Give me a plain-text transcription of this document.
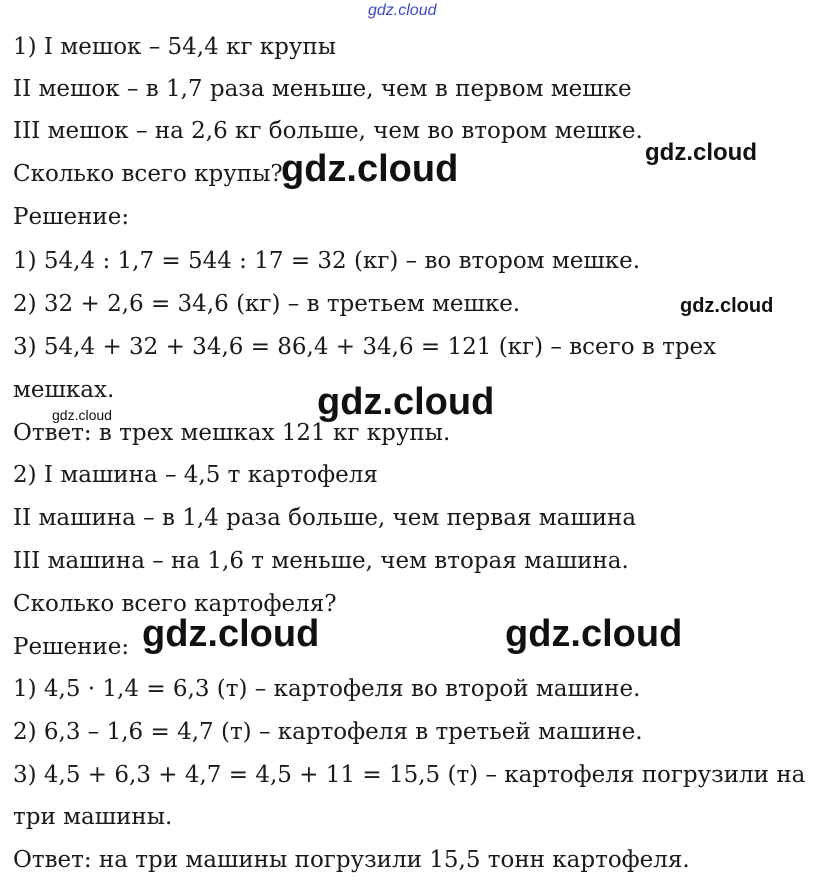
gdz.cloud

1) I мешок – 54,4 кг крупы

II мешок – в 1,7 раза меньше, чем в первом мешке

III мешок – на 2,6 кг больше, чем во втором мешке.

Сколько всего крупы?

Решение:

1) 54,4 : 1,7 = 544 : 17 = 32 (кг) – во втором мешке.

2) 32 + 2,6 = 34,6 (кг) – в третьем мешке.

3) 54,4 + 32 + 34,6 = 86,4 + 34,6 = 121 (кг) – всего в трех

мешках.

Ответ: в трех мешках 121 кг крупы.

2) I машина – 4,5 т картофеля

II машина – в 1,4 раза больше, чем первая машина

III машина – на 1,6 т меньше, чем вторая машина.

Сколько всего картофеля?

Решение:

1) 4,5 · 1,4 = 6,3 (т) – картофеля во второй машине.

2) 6,3 – 1,6 = 4,7 (т) – картофеля в третьей машине.

3) 4,5 + 6,3 + 4,7 = 4,5 + 11 = 15,5 (т) – картофеля погрузили на

три машины.

Ответ: на три машины погрузили 15,5 тонн картофеля.

gdz.cloud
gdz.cloud
gdz.cloud
gdz.cloud
gdz.cloud
gdz.cloud	gdz.cloud
